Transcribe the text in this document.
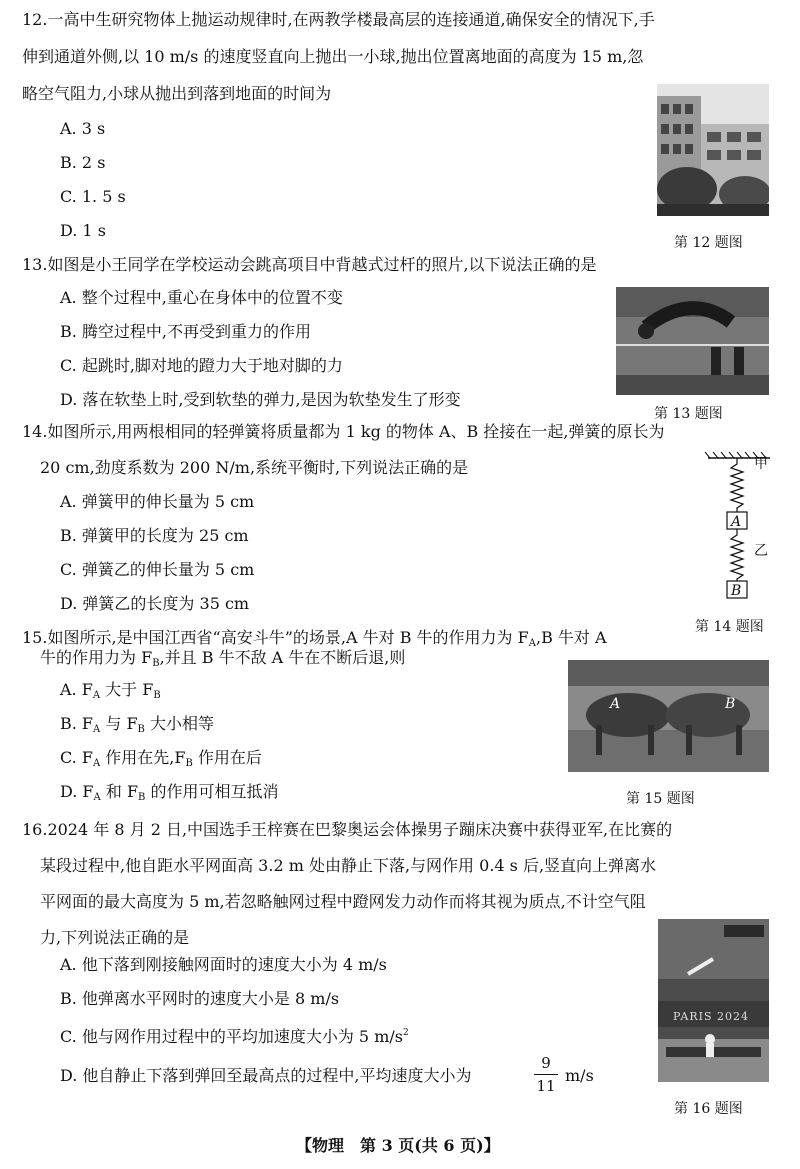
12.一高中生研究物体上抛运动规律时,在两教学楼最高层的连接通道,确保安全的情况下,手
伸到通道外侧,以 10 m/s 的速度竖直向上抛出一小球,抛出位置离地面的高度为 15 m,忽
略空气阻力,小球从抛出到落到地面的时间为
A. 3 s
B. 2 s
C. 1. 5 s
D. 1 s
第 12 题图
13.如图是小王同学在学校运动会跳高项目中背越式过杆的照片,以下说法正确的是
A. 整个过程中,重心在身体中的位置不变
B. 腾空过程中,不再受到重力的作用
C. 起跳时,脚对地的蹬力大于地对脚的力
D. 落在软垫上时,受到软垫的弹力,是因为软垫发生了形变
第 13 题图
14.如图所示,用两根相同的轻弹簧将质量都为 1 kg 的物体 A、B 拴接在一起,弹簧的原长为
20 cm,劲度系数为 200 N/m,系统平衡时,下列说法正确的是
A. 弹簧甲的伸长量为 5 cm
B. 弹簧甲的长度为 25 cm
C. 弹簧乙的伸长量为 5 cm
D. 弹簧乙的长度为 35 cm
甲
乙
A
B
第 14 题图
15.如图所示,是中国江西省“高安斗牛”的场景,A 牛对 B 牛的作用力为 $F_A,B$ 牛对 A
牛的作用力为 $F_B$,并且 B 牛不敌 A 牛在不断后退,则
A. $F_A$ 大于 $F_B$
B. $F_A$ 与 $F_B$ 大小相等
C. $F_A$ 作用在先$,F_B$ 作用在后
D. $F_A$ 和 $F_B$ 的作用可相互抵消
A	B
第 15 题图
16.2024 年 8 月 2 日,中国选手王梓赛在巴黎奥运会体操男子蹦床决赛中获得亚军,在比赛的
某段过程中,他自距水平网面高 3.2 m 处由静止下落,与网作用 0.4 s 后,竖直向上弹离水
平网面的最大高度为 5 m,若忽略触网过程中蹬网发力动作而将其视为质点,不计空气阻
力,下列说法正确的是
A. 他下落到刚接触网面时的速度大小为 4 m/s
B. 他弹离水平网时的速度大小是 8 m/s
C. 他与网作用过程中的平均加速度大小为 5 $m/s^2$
D. 他自静止下落到弹回至最高点的过程中,平均速度大小为
9
11
m/s
PARIS 2024
第 16 题图
【物理　第 3 页(共 6 页)】
